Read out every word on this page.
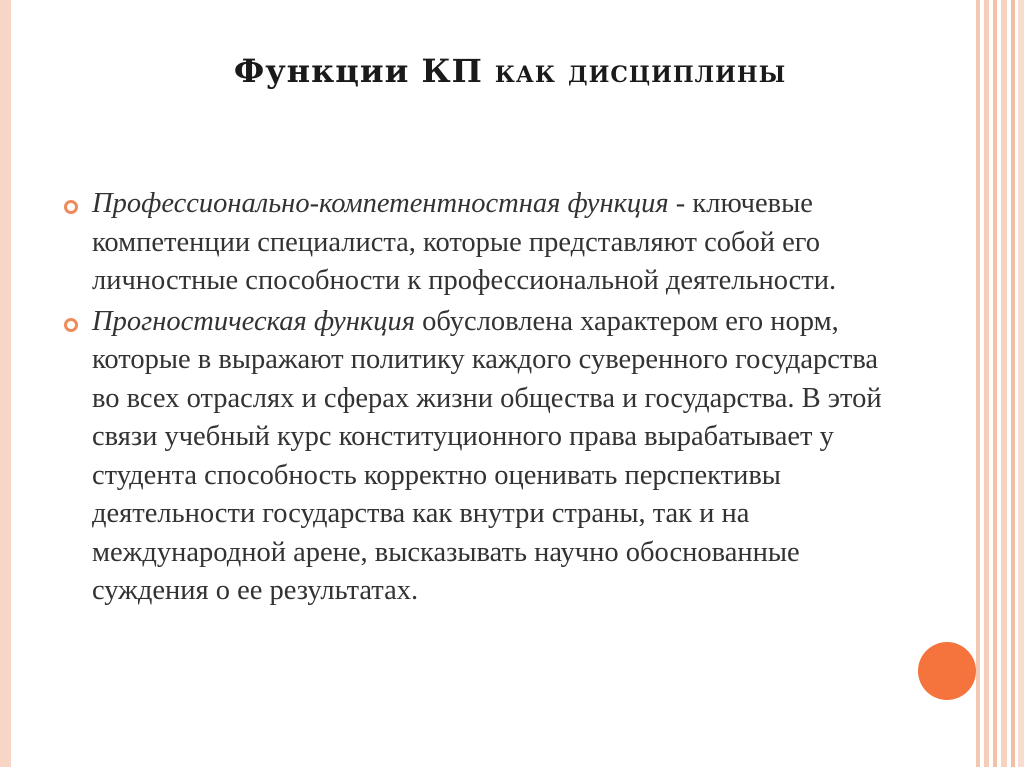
Функции КП как дисциплины
Профессионально-компетентностная функция - ключевые компетенции специалиста, которые представляют собой его личностные способности к профессиональной деятельности.
Прогностическая функция обусловлена характером его норм, которые в выражают политику каждого суверенного государства во всех отраслях и сферах жизни общества и государства. В этой связи учебный курс конституционного права вырабатывает у студента способность корректно оценивать перспективы деятельности государства как внутри страны, так и на международной арене, высказывать научно обоснованные суждения о ее результатах.
